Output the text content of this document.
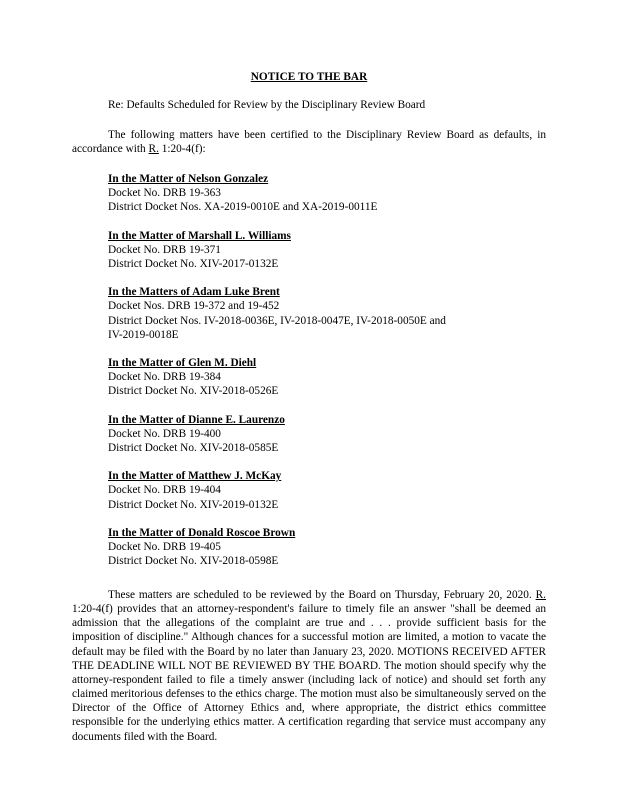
NOTICE TO THE BAR
Re: Defaults Scheduled for Review by the Disciplinary Review Board

The following matters have been certified to the Disciplinary Review Board as defaults, in accordance with R. 1:20-4(f):

In the Matter of Nelson Gonzalez
Docket No. DRB 19-363
District Docket Nos. XA-2019-0010E and XA-2019-0011E
In the Matter of Marshall L. Williams
Docket No. DRB 19-371
District Docket No. XIV-2017-0132E
In the Matters of Adam Luke Brent
Docket Nos. DRB 19-372 and 19-452
District Docket Nos. IV-2018-0036E, IV-2018-0047E, IV-2018-0050E and
IV-2019-0018E
In the Matter of Glen M. Diehl
Docket No. DRB 19-384
District Docket No. XIV-2018-0526E
In the Matter of Dianne E. Laurenzo
Docket No. DRB 19-400
District Docket No. XIV-2018-0585E
In the Matter of Matthew J. McKay
Docket No. DRB 19-404
District Docket No. XIV-2019-0132E
In the Matter of Donald Roscoe Brown
Docket No. DRB 19-405
District Docket No. XIV-2018-0598E

These matters are scheduled to be reviewed by the Board on Thursday, February 20, 2020. R. 1:20-4(f) provides that an attorney-respondent's failure to timely file an answer "shall be deemed an admission that the allegations of the complaint are true and . . . provide sufficient basis for the imposition of discipline." Although chances for a successful motion are limited, a motion to vacate the default may be filed with the Board by no later than January 23, 2020. MOTIONS RECEIVED AFTER THE DEADLINE WILL NOT BE REVIEWED BY THE BOARD. The motion should specify why the attorney-respondent failed to file a timely answer (including lack of notice) and should set forth any claimed meritorious defenses to the ethics charge. The motion must also be simultaneously served on the Director of the Office of Attorney Ethics and, where appropriate, the district ethics committee responsible for the underlying ethics matter. A certification regarding that service must accompany any documents filed with the Board.
